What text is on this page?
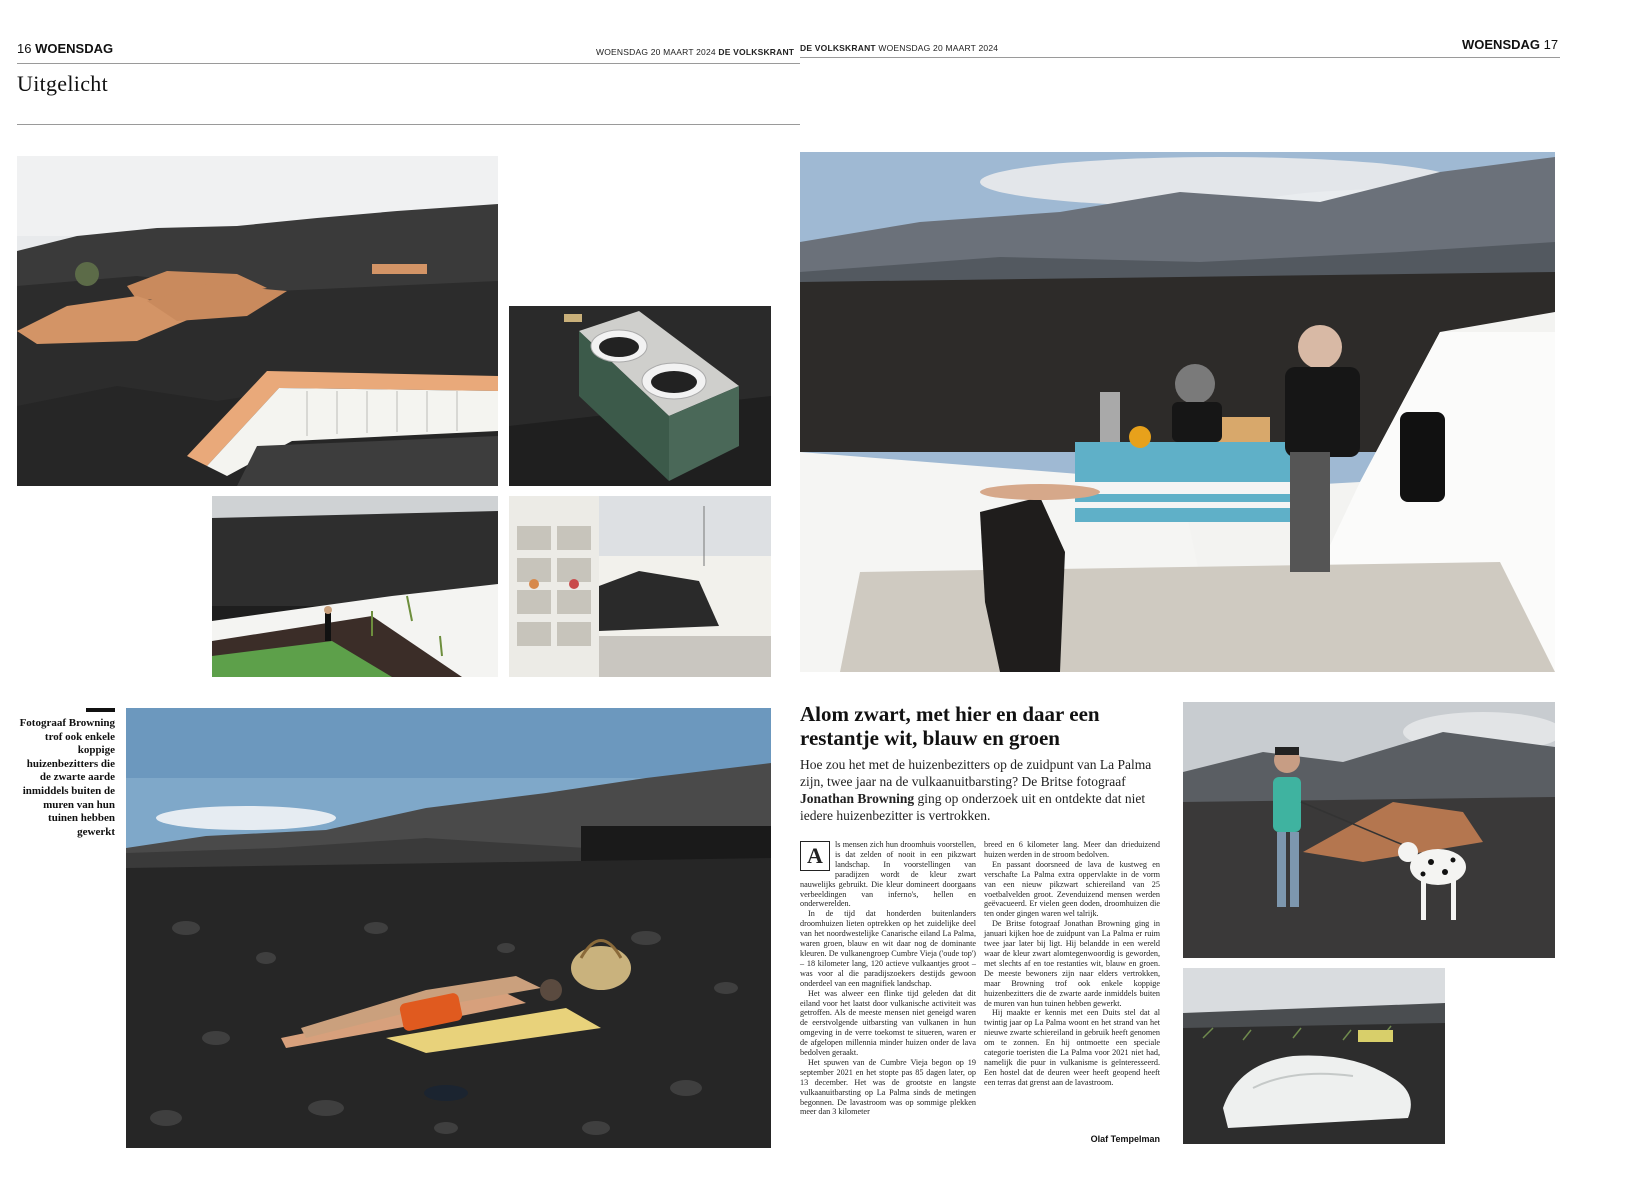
16 WOENSDAG	WOENSDAG 20 MAART 2024 DE VOLKSKRANT DE VOLKSKRANT WOENSDAG 20 MAART 2024	WOENSDAG 17
Uitgelicht
Fotograaf Browning trof ook enkele koppige huizenbezitters die de zwarte aarde inmiddels buiten de muren van hun tuinen hebben gewerkt
Alom zwart, met hier en daar een restantje wit, blauw en groen
Hoe zou het met de huizenbezitters op de zuidpunt van La Palma zijn, twee jaar na de vulkaanuitbarsting? De Britse fotograaf Jonathan Browning ging op onderzoek uit en ontdekte dat niet iedere huizenbezitter is vertrokken.
A	ls mensen zich hun droomhuis voorstellen, is dat zelden of nooit in een pikzwart landschap. In voorstellingen van paradijzen wordt de kleur zwart nauwelijks gebruikt. Die kleur domineert doorgaans verbeeldingen van inferno's, hellen en onderwerelden.

In de tijd dat honderden buitenlanders droomhuizen lieten optrekken op het zuidelijke deel van het noordwestelijke Canarische eiland La Palma, waren groen, blauw en wit daar nog de dominante kleuren. De vulkanengroep Cumbre Vieja ('oude top') – 18 kilometer lang, 120 actieve vulkaantjes groot – was voor al die paradijszoekers destijds gewoon onderdeel van een magnifiek landschap.

Het was alweer een flinke tijd geleden dat dit eiland voor het laatst door vulkanische activiteit was getroffen. Als de meeste mensen niet geneigd waren de eerstvolgende uitbarsting van vulkanen in hun omgeving in de verre toekomst te situeren, waren er de afgelopen millennia minder huizen onder de lava bedolven geraakt.

Het spuwen van de Cumbre Vieja begon op 19 september 2021 en het stopte pas 85 dagen later, op 13 december. Het was de grootste en langste vulkaanuitbarsting op La Palma sinds de metingen begonnen. De lavastroom was op sommige plekken meer dan 3 kilometer

breed en 6 kilometer lang. Meer dan drieduizend huizen werden in de stroom bedolven.

En passant doorsneed de lava de kustweg en verschafte La Palma extra oppervlakte in de vorm van een nieuw pikzwart schiereiland van 25 voetbalvelden groot. Zevenduizend mensen werden geëvacueerd. Er vielen geen doden, droomhuizen die ten onder gingen waren wel talrijk.

De Britse fotograaf Jonathan Browning ging in januari kijken hoe de zuidpunt van La Palma er ruim twee jaar later bij ligt. Hij belandde in een wereld waar de kleur zwart alomtegenwoordig is geworden, met slechts af en toe restanties wit, blauw en groen. De meeste bewoners zijn naar elders vertrokken, maar Browning trof ook enkele koppige huizenbezitters die de zwarte aarde inmiddels buiten de muren van hun tuinen hebben gewerkt.

Hij maakte er kennis met een Duits stel dat al twintig jaar op La Palma woont en het strand van het nieuwe zwarte schiereiland in gebruik heeft genomen om te zonnen. En hij ontmoette een speciale categorie toeristen die La Palma voor 2021 niet had, namelijk die puur in vulkanisme is geïnteresseerd. Een hostel dat de deuren weer heeft geopend heeft een terras dat grenst aan de lavastroom.

Olaf Tempelman
